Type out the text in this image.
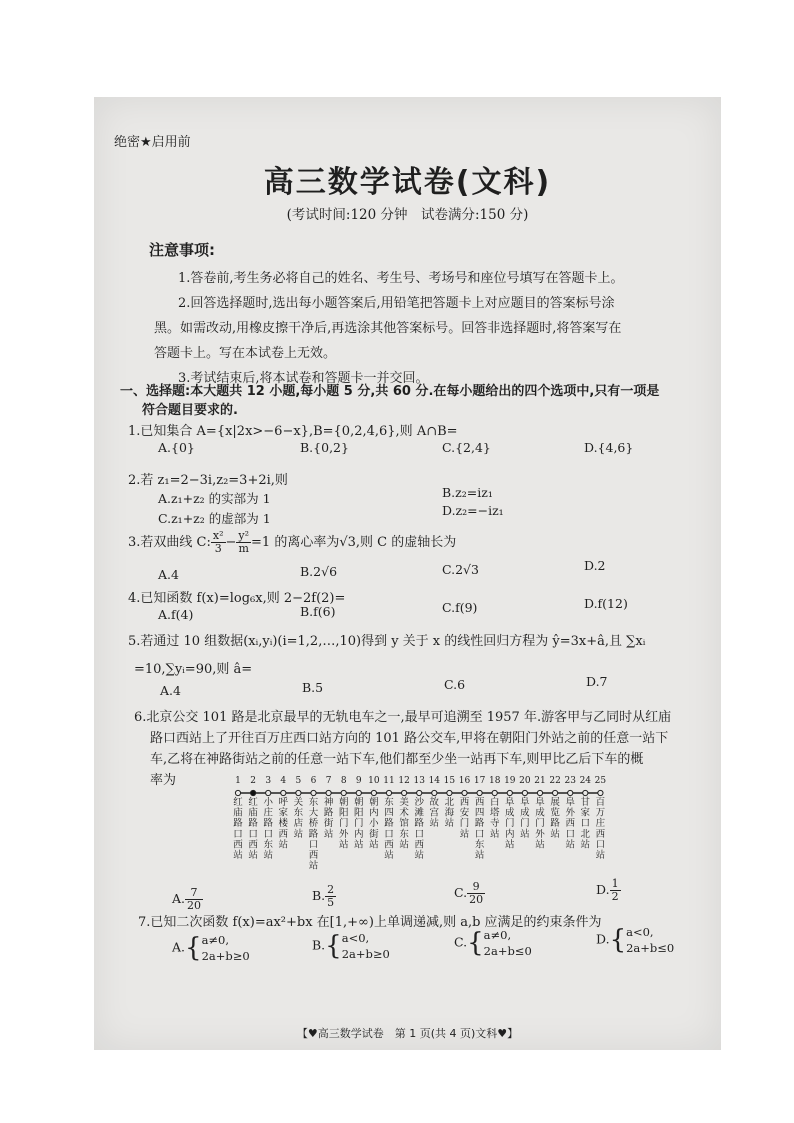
绝密★启用前
高三数学试卷(文科)
(考试时间:120 分钟　试卷满分:150 分)
注意事项:
1.答卷前,考生务必将自己的姓名、考生号、考场号和座位号填写在答题卡上。
2.回答选择题时,选出每小题答案后,用铅笔把答题卡上对应题目的答案标号涂
黑。如需改动,用橡皮擦干净后,再选涂其他答案标号。回答非选择题时,将答案写在
答题卡上。写在本试卷上无效。
3.考试结束后,将本试卷和答题卡一并交回。
一、选择题:本大题共 12 小题,每小题 5 分,共 60 分.在每小题给出的四个选项中,只有一项是
符合题目要求的.
1.已知集合 A={x|2x>−6−x},B={0,2,4,6},则 A∩B=
A.{0}	B.{0,2}	C.{2,4}	D.{4,6}
2.若 z₁=2−3i,z₂=3+2i,则
A.z₁+z₂ 的实部为 1	B.z₂=iz₁
C.z₁+z₂ 的虚部为 1
D.z₂=−iz₁
3.若双曲线 C: $\frac{\text{x²}}{3} - \frac{\text{y²}}{m} =1$ 的离心率为√3,则 C 的虚轴长为
A.4	B.2√6	C.2√3	D.2
4.已知函数 f(x)=log₆x,则 2−2f(2)=
A.f(4)	B.f(6)	C.f(9)	D.f(12)
5.若通过 10 组数据(xᵢ,yᵢ)(i=1,2,…,10)得到 y 关于 x 的线性回归方程为 ŷ=3x+â,且 ∑xᵢ
=10,∑yᵢ=90,则 â=
A.4	B.5	C.6	D.7
6.北京公交 101 路是北京最早的无轨电车之一,最早可追溯至 1957 年.游客甲与乙同时从红庙
路口西站上了开往百万庄西口站方向的 101 路公交车,甲将在朝阳门外站之前的任意一站下
车,乙将在神路街站之前的任意一站下车,他们都至少坐一站再下车,则甲比乙后下车的概
率为	1
红庙路口西站
2
红庙路口西站
3
小庄路口东站
4
呼家楼西站
5
关东店站
6
东大桥路口西站
7
神路街站
8
朝阳门外站
9
朝阳门内站
10
朝内小街站
11
东四路口西站
12
美术馆东站
13
沙滩路口西站
14
故宫站
15
北海站
16
西安门站
17
西四路口东站
18
白塔寺站
19
阜成门内站
20
阜成门站
21
阜成门外站
22
展览路站
23
阜外西口站
24
甘家口北站
25
百万庄西口站
A. $\frac{7}{20}$	B. $\frac{2}{5}$	C. $\frac{9}{20}$	D. $\frac{1}{2}$
7.已知二次函数 f(x)=ax²+bx 在[1,+∞)上单调递减,则 a,b 应满足的约束条件为
A.{a≠0,
2a+b≥0
B.{a<0,
2a+b≥0
C.{a≠0,
2a+b≤0
D.{a<0,
2a+b≤0
【♥高三数学试卷　第 1 页(共 4 页)文科♥】
